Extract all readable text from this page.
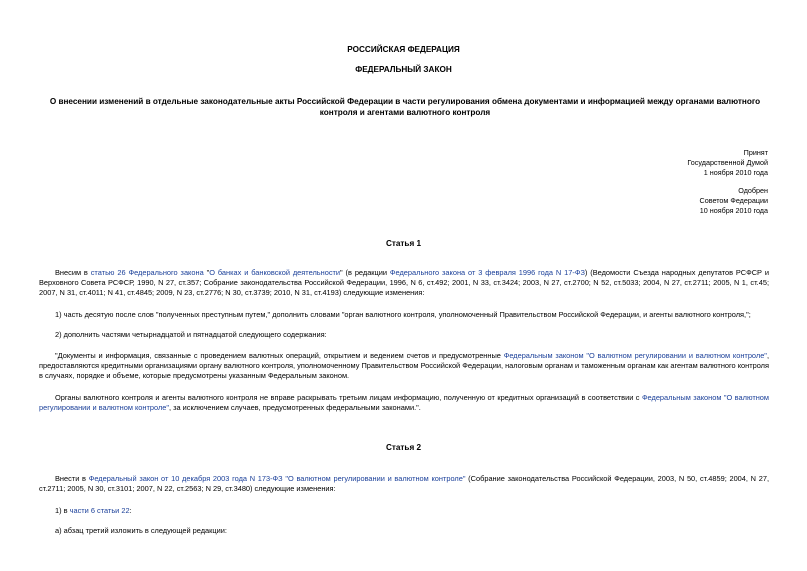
РОССИЙСКАЯ ФЕДЕРАЦИЯ
ФЕДЕРАЛЬНЫЙ ЗАКОН
О внесении изменений в отдельные законодательные акты Российской Федерации в части регулирования обмена документами и информацией между органами валютного контроля и агентами валютного контроля
Принят
Государственной Думой
1 ноября 2010 года
Одобрен
Советом Федерации
10 ноября 2010 года
Статья 1
Внесим в статью 26 Федерального закона "О банках и банковской деятельности" (в редакции Федерального закона от 3 февраля 1996 года N 17-ФЗ) (Ведомости Съезда народных депутатов РСФСР и Верховного Совета РСФСР, 1990, N 27, ст.357; Собрание законодательства Российской Федерации, 1996, N 6, ст.492; 2001, N 33, ст.3424; 2003, N 27, ст.2700; N 52, ст.5033; 2004, N 27, ст.2711; 2005, N 1, ст.45; 2007, N 31, ст.4011; N 41, ст.4845; 2009, N 23, ст.2776; N 30, ст.3739; 2010, N 31, ст.4193) следующие изменения:
1) часть десятую после слов "полученных преступным путем," дополнить словами "орган валютного контроля, уполномоченный Правительством Российской Федерации, и агенты валютного контроля,";
2) дополнить частями четырнадцатой и пятнадцатой следующего содержания:
"Документы и информация, связанные с проведением валютных операций, открытием и ведением счетов и предусмотренные Федеральным законом "О валютном регулировании и валютном контроле", предоставляются кредитными организациями органу валютного контроля, уполномоченному Правительством Российской Федерации, налоговым органам и таможенным органам как агентам валютного контроля в случаях, порядке и объеме, которые предусмотрены указанным Федеральным законом.
Органы валютного контроля и агенты валютного контроля не вправе раскрывать третьим лицам информацию, полученную от кредитных организаций в соответствии с Федеральным законом "О валютном регулировании и валютном контроле", за исключением случаев, предусмотренных федеральными законами.".
Статья 2
Внести в Федеральный закон от 10 декабря 2003 года N 173-ФЗ "О валютном регулировании и валютном контроле" (Собрание законодательства Российской Федерации, 2003, N 50, ст.4859; 2004, N 27, ст.2711; 2005, N 30, ст.3101; 2007, N 22, ст.2563; N 29, ст.3480) следующие изменения:
1) в части 6 статьи 22:
а) абзац третий изложить в следующей редакции:
